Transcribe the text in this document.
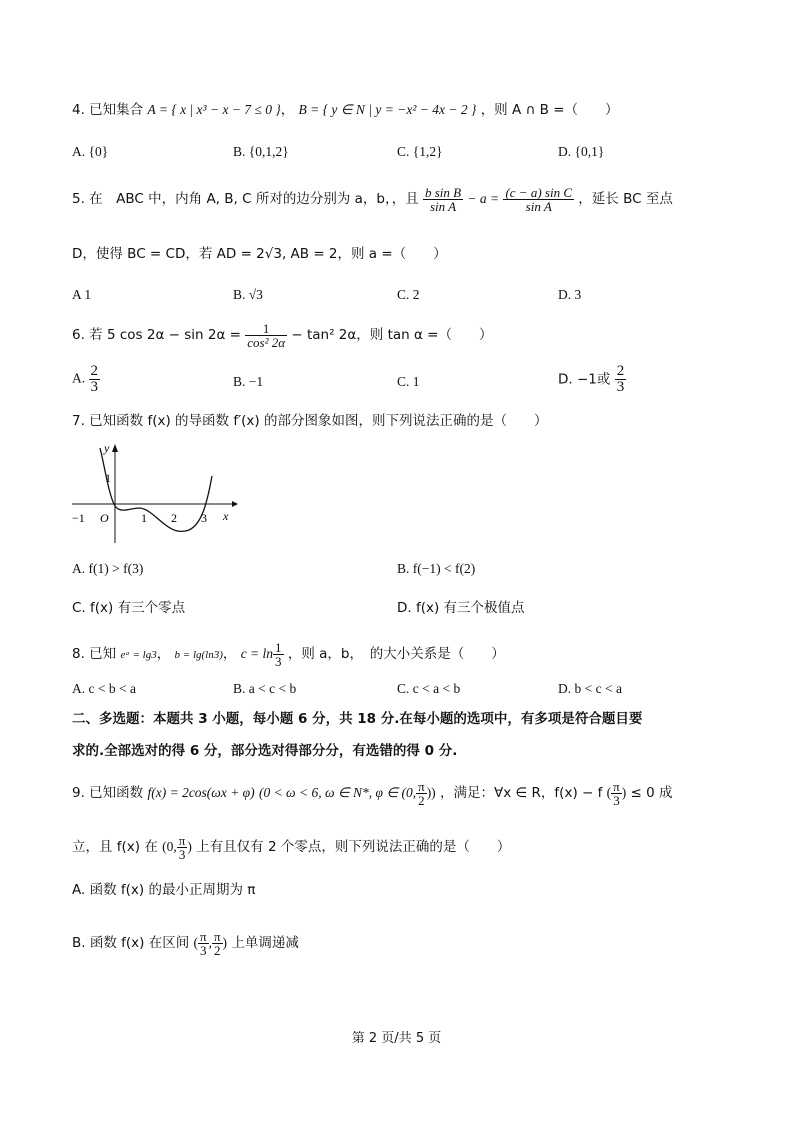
4. 已知集合 A = { x | x³ − x − 7 ≤ 0 }， B = { y ∈ N | y = −x² − 4x − 2 } ，则 A ∩ B =（　　）
A. {0}	B. {0,1,2}	C. {1,2}	D. {0,1}
5. 在　ABC 中，内角 A, B, C 所对的边分别为 a，b，，且 $\frac{\text{b sin B}}{\text{sin A}} - a = \frac{\text{(c − a) sin C}}{\text{sin A}}$ ，延长 BC 至点
D，使得 BC = CD，若 AD = 2√3, AB = 2，则 a =（　　）
A 1	B. √3	C. 2	D. 3
6. 若 5 $\cos 2\alpha - \sin 2\alpha = \frac{1}{\text{cos² 2α}} - \tan^2$ 2α，则 tan α =（　　）
A. $\frac{2}{3}$	B. −1	C. 1	D. −1或 $\frac{2}{3}$
7. 已知函数 f(x) 的导函数 f′(x) 的部分图象如图，则下列说法正确的是（　　）
y
x
1
−1 O	1 2 3
A. f(1) > f(3)	B. f(−1) < f(2)
C. f(x) 有三个零点	D. f(x) 有三个极值点
8. 已知 eᵃ = lg3， b = lg(ln3)， $c = \ln \frac{1}{3}$ ，则 a，b，　的大小关系是（　　）
A. c < b < a	B. a < c < b	C. c < a < b	D. b < c < a
二、多选题：本题共 3 小题，每小题 6 分，共 18 分.在每小题的选项中，有多项是符合题目要
求的.全部选对的得 6 分，部分选对得部分分，有选错的得 0 分.
9. 已知函数 f(x) = 2cos(ωx + φ) (0 < ω < 6, ω ∈ N*, φ ∈ (0, $\frac{\pi}{2}$ )) ，满足：∀x ∈ R，f(x) − f ( $\frac{\pi}{3}$ ) ≤ 0 成
立，且 f(x) 在 (0, $\frac{\pi}{3}$ ) 上有且仅有 2 个零点，则下列说法正确的是（　　）
A. 函数 f(x) 的最小正周期为 π
B. 函数 f(x) 在区间 ( $\frac{\pi}{3}$ , $\frac{\pi}{2}$ ) 上单调递减
第 2 页/共 5 页
